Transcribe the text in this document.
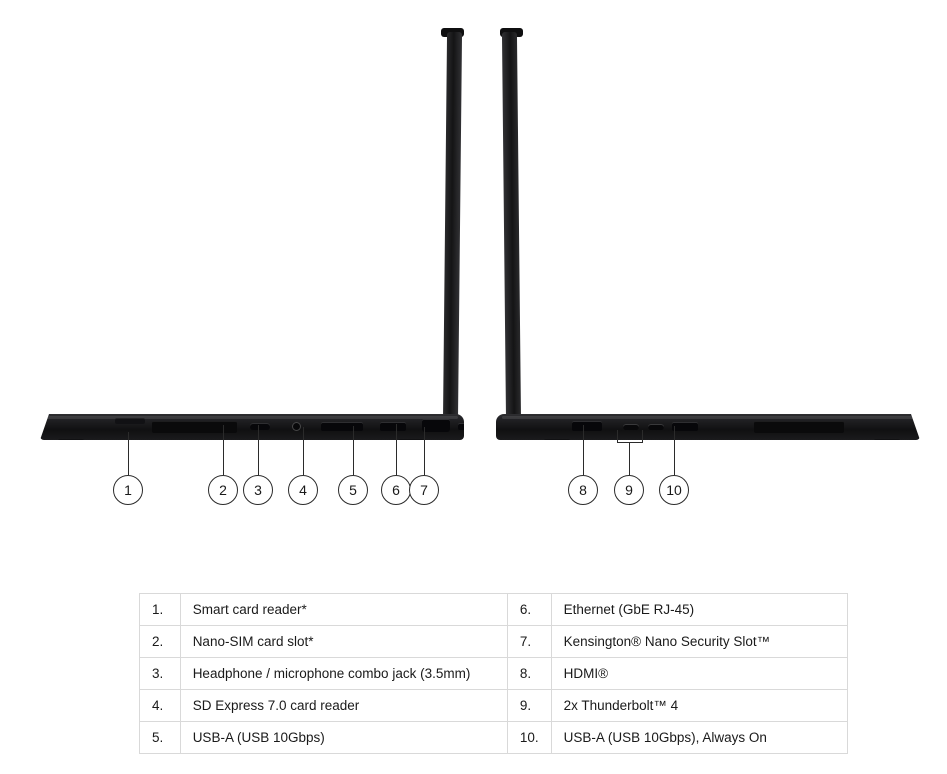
1	2	3	4	5	6	7	8	9	10
1.	Smart card reader*	6.	Ethernet (GbE RJ-45)
2.	Nano-SIM card slot*	7.	Kensington® Nano Security Slot™
3.	Headphone / microphone combo jack (3.5mm)	8.	HDMI®
4.	SD Express 7.0 card reader	9.	2x Thunderbolt™ 4
5.	USB-A (USB 10Gbps)	10.	USB-A (USB 10Gbps), Always On
